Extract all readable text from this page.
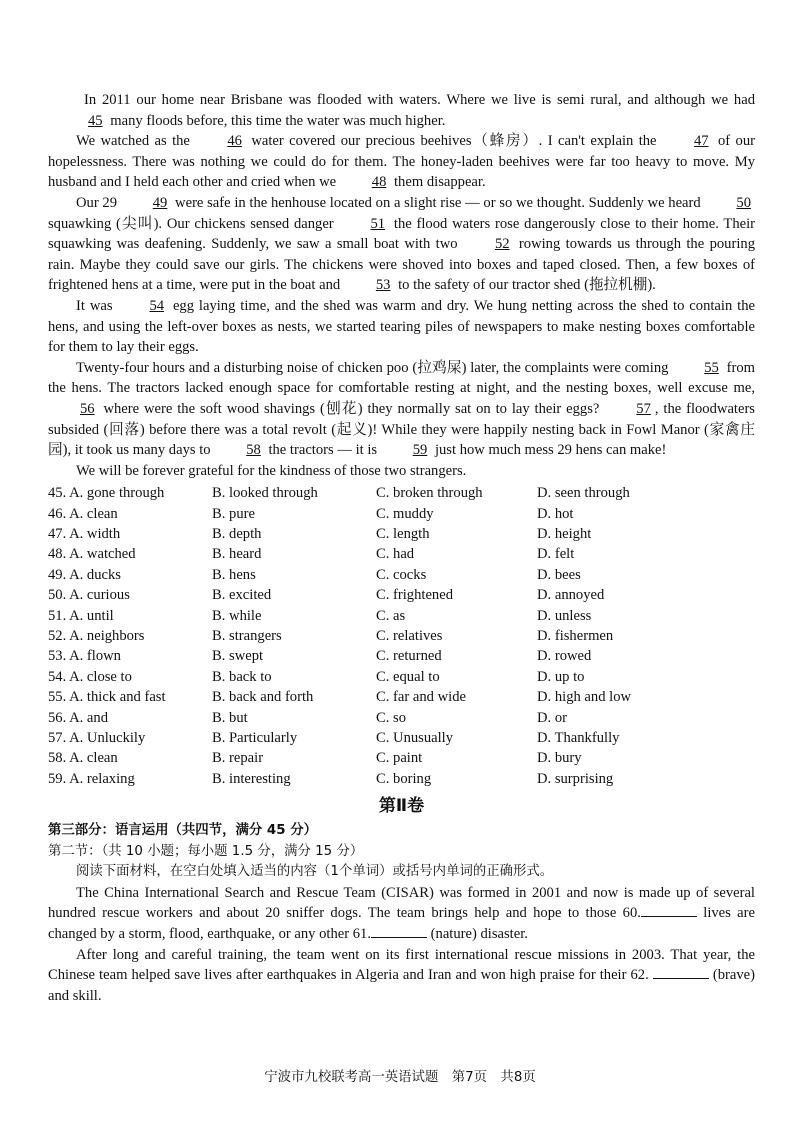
In 2011 our home near Brisbane was flooded with waters. Where we live is semi rural, and although we had 45 many floods before, this time the water was much higher.

We watched as the 46 water covered our precious beehives（蜂房）. I can't explain the 47 of our hopelessness. There was nothing we could do for them. The honey-laden beehives were far too heavy to move. My husband and I held each other and cried when we 48 them disappear.

Our 29 49 were safe in the henhouse located on a slight rise — or so we thought. Suddenly we heard 50 squawking (尖叫). Our chickens sensed danger 51 the flood waters rose dangerously close to their home. Their squawking was deafening. Suddenly, we saw a small boat with two 52 rowing towards us through the pouring rain. Maybe they could save our girls. The chickens were shoved into boxes and taped closed. Then, a few boxes of frightened hens at a time, were put in the boat and 53 to the safety of our tractor shed (拖拉机棚).

It was 54 egg laying time, and the shed was warm and dry. We hung netting across the shed to contain the hens, and using the left-over boxes as nests, we started tearing piles of newspapers to make nesting boxes comfortable for them to lay their eggs.

Twenty-four hours and a disturbing noise of chicken poo (拉鸡屎) later, the complaints were coming 55 from the hens. The tractors lacked enough space for comfortable resting at night, and the nesting boxes, well excuse me, 56 where were the soft wood shavings (刨花) they normally sat on to lay their eggs? 57 , the floodwaters subsided (回落) before there was a total revolt (起义)! While they were happily nesting back in Fowl Manor (家禽庄园), it took us many days to 58 the tractors — it is 59 just how much mess 29 hens can make!

We will be forever grateful for the kindness of those two strangers.

45. A. gone through	B. looked through	C. broken through	D. seen through
46. A. clean	B. pure	C. muddy	D. hot
47. A. width	B. depth	C. length	D. height
48. A. watched	B. heard	C. had	D. felt
49. A. ducks	B. hens	C. cocks	D. bees
50. A. curious	B. excited	C. frightened	D. annoyed
51. A. until	B. while	C. as	D. unless
52. A. neighbors	B. strangers	C. relatives	D. fishermen
53. A. flown	B. swept	C. returned	D. rowed
54. A. close to	B. back to	C. equal to	D. up to
55. A. thick and fast	B. back and forth	C. far and wide	D. high and low
56. A. and	B. but	C. so	D. or
57. A. Unluckily	B. Particularly	C. Unusually	D. Thankfully
58. A. clean	B. repair	C. paint	D. bury
59. A. relaxing	B. interesting	C. boring	D. surprising
第Ⅱ卷

第三部分：语言运用（共四节，满分 45 分）

第二节：（共 10 小题；每小题 1.5 分，满分 15 分）

阅读下面材料，在空白处填入适当的内容（1个单词）或括号内单词的正确形式。

The China International Search and Rescue Team (CISAR) was formed in 2001 and now is made up of several hundred rescue workers and about 20 sniffer dogs. The team brings help and hope to those 60.	lives are changed by a storm, flood, earthquake, or any other 61.	(nature) disaster.

After long and careful training, the team went on its first international rescue missions in 2003. That year, the Chinese team helped save lives after earthquakes in Algeria and Iran and won high praise for their 62.	(brave) and skill.

宁波市九校联考高一英语试题　第7页　共8页
